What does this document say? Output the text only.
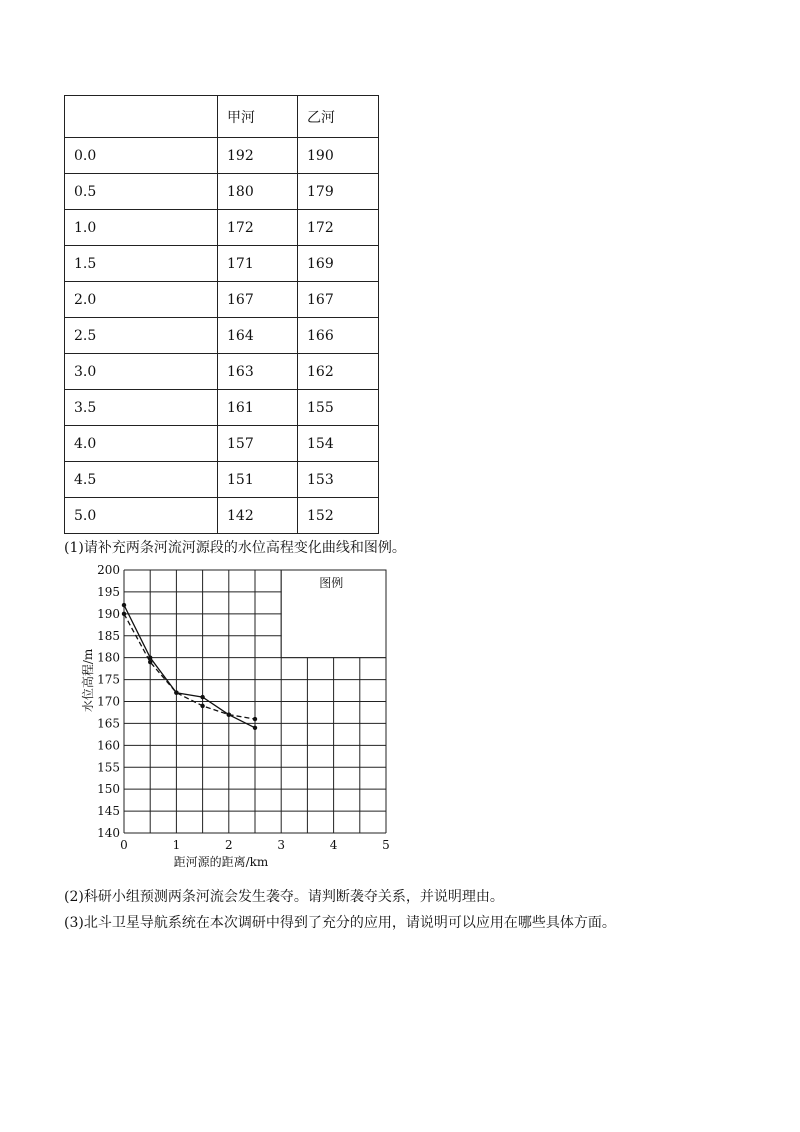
	甲河	乙河
0.0	192	190
0.5	180	179
1.0	172	172
1.5	171	169
2.0	167	167
2.5	164	166
3.0	163	162
3.5	161	155
4.0	157	154
4.5	151	153
5.0	142	152
(1)请补充两条河流河源段的水位高程变化曲线和图例。
图例
0	1	2	3	4	5
140
145
150
155
160
165
170
175
180
185
190
195
200
距河源的距离/km
水位高程/m
(2)科研小组预测两条河流会发生袭夺。请判断袭夺关系，并说明理由。
(3)北斗卫星导航系统在本次调研中得到了充分的应用，请说明可以应用在哪些具体方面。
